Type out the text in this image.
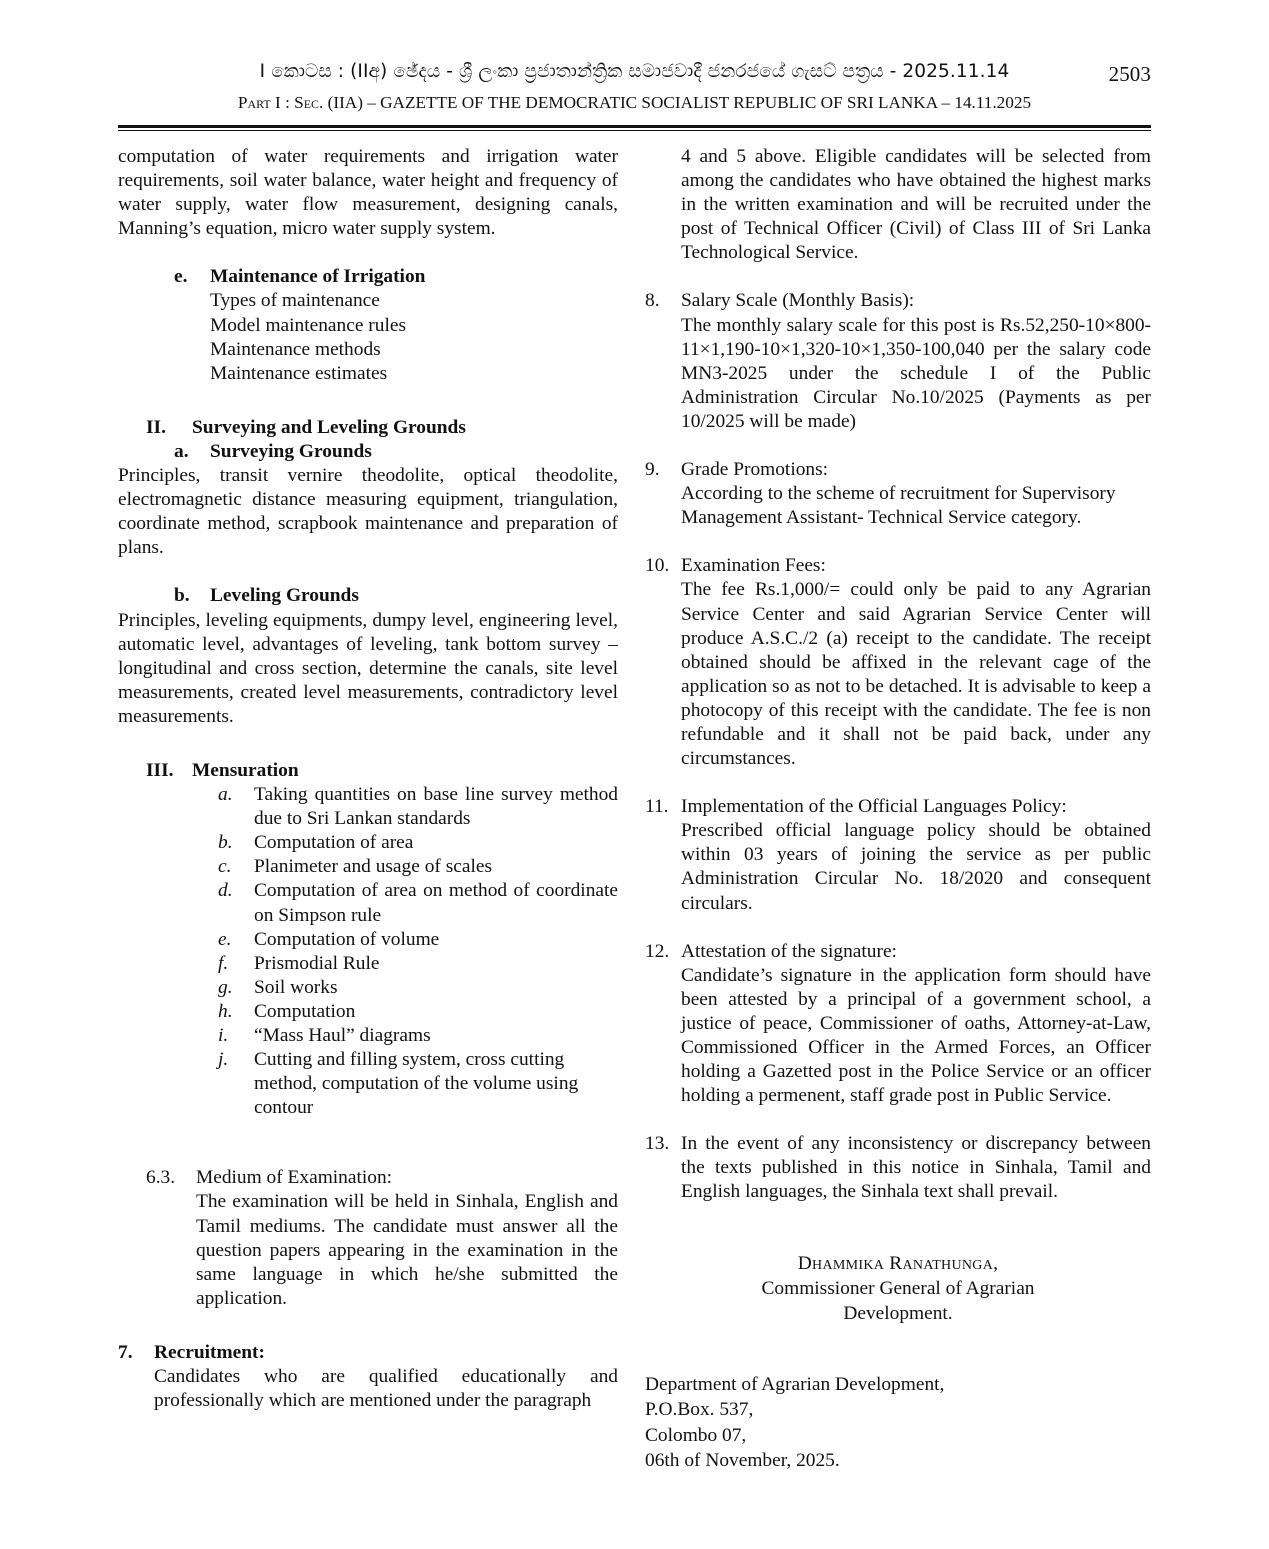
I කොටස : (IIඅ) ඡේදය - ශ්‍රී ලංකා ප්‍රජාතාන්ත්‍රික සමාජවාදී ජනරජයේ ගැසට් පත්‍රය - 2025.11.14	2503
Part I : Sec. (IIA) – GAZETTE OF THE DEMOCRATIC SOCIALIST REPUBLIC OF SRI LANKA – 14.11.2025
computation of water requirements and irrigation water requirements, soil water balance, water height and frequency of water supply, water flow measurement, designing canals, Manning’s equation, micro water supply system.
e.	Maintenance of Irrigation
Types of maintenance
Model maintenance rules
Maintenance methods
Maintenance estimates
II.	Surveying and Leveling Grounds
a.	Surveying Grounds
Principles, transit vernire theodolite, optical theodolite, electromagnetic distance measuring equipment, triangulation, coordinate method, scrapbook maintenance and preparation of plans.
b.	Leveling Grounds
Principles, leveling equipments, dumpy level, engineering level, automatic level, advantages of leveling, tank bottom survey – longitudinal and cross section, determine the canals, site level measurements, created level measurements, contradictory level measurements.
III. Mensuration
a.	Taking quantities on base line survey method due to Sri Lankan standards
b.	Computation of area
c.	Planimeter and usage of scales
d.	Computation of area on method of coordinate on Simpson rule
e.	Computation of volume
f.	Prismodial Rule
g.	Soil works
h.	Computation
i.	“Mass Haul” diagrams
j.	Cutting and filling system, cross cutting method, computation of the volume using contour
6.3.	Medium of Examination:
The examination will be held in Sinhala, English and Tamil mediums. The candidate must answer all the question papers appearing in the examination in the same language in which he/she submitted the application.
7.	Recruitment:
Candidates who are qualified educationally and professionally which are mentioned under the paragraph
4 and 5 above. Eligible candidates will be selected from among the candidates who have obtained the highest marks in the written examination and will be recruited under the post of Technical Officer (Civil) of Class III of Sri Lanka Technological Service.
8.	Salary Scale (Monthly Basis):
The monthly salary scale for this post is Rs.52,250-10×800-11×1,190-10×1,320-10×1,350-100,040 per the salary code MN3-2025 under the schedule I of the Public Administration Circular No.10/2025 (Payments as per 10/2025 will be made)
9.	Grade Promotions:
According to the scheme of recruitment for Supervisory Management Assistant- Technical Service category.
10. Examination Fees:
The fee Rs.1,000/= could only be paid to any Agrarian Service Center and said Agrarian Service Center will produce A.S.C./2 (a) receipt to the candidate. The receipt obtained should be affixed in the relevant cage of the application so as not to be detached. It is advisable to keep a photocopy of this receipt with the candidate. The fee is non refundable and it shall not be paid back, under any circumstances.
11. Implementation of the Official Languages Policy:
Prescribed official language policy should be obtained within 03 years of joining the service as per public Administration Circular No. 18/2020 and consequent circulars.
12. Attestation of the signature:
Candidate’s signature in the application form should have been attested by a principal of a government school, a justice of peace, Commissioner of oaths, Attorney-at-Law, Commissioned Officer in the Armed Forces, an Officer holding a Gazetted post in the Police Service or an officer holding a permenent, staff grade post in Public Service.
13. In the event of any inconsistency or discrepancy between the texts published in this notice in Sinhala, Tamil and English languages, the Sinhala text shall prevail.
Dhammika Ranathunga,
Commissioner General of Agrarian
Development.
Department of Agrarian Development,
P.O.Box. 537,
Colombo 07,
06th of November, 2025.
